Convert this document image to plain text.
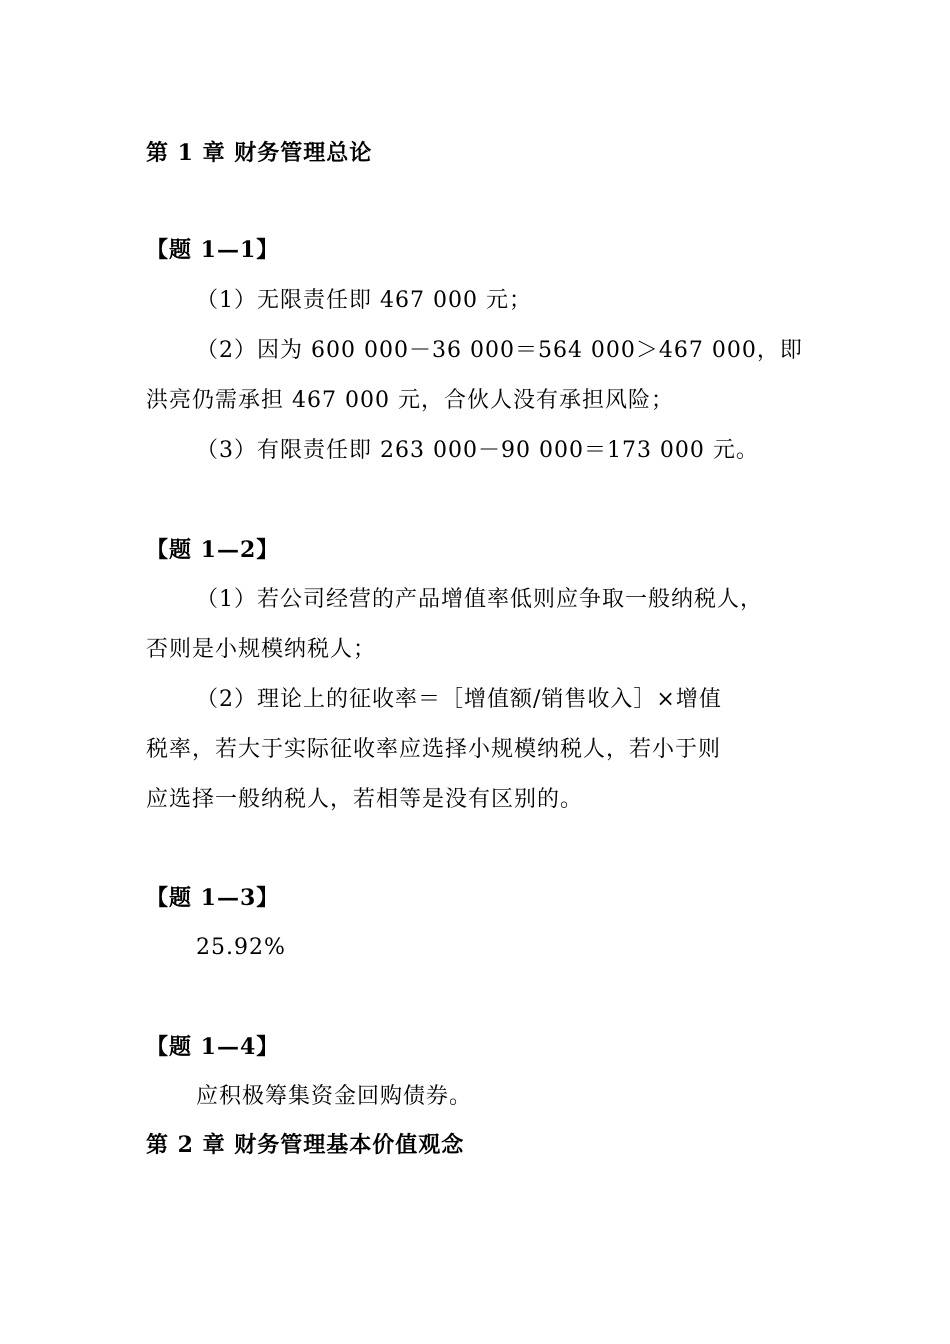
第 1 章 财务管理总论
【题 1—1】
（1）无限责任即 467 000 元；
（2）因为 600 000－36 000＝564 000＞467 000，即
洪亮仍需承担 467 000 元，合伙人没有承担风险；
（3）有限责任即 263 000－90 000＝173 000 元。
【题 1—2】
（1）若公司经营的产品增值率低则应争取一般纳税人，
否则是小规模纳税人；
（2）理论上的征收率＝［增值额/销售收入］×增值
税率，若大于实际征收率应选择小规模纳税人，若小于则
应选择一般纳税人，若相等是没有区别的。
【题 1—3】
25.92%
【题 1—4】
应积极筹集资金回购债券。
第 2 章 财务管理基本价值观念
